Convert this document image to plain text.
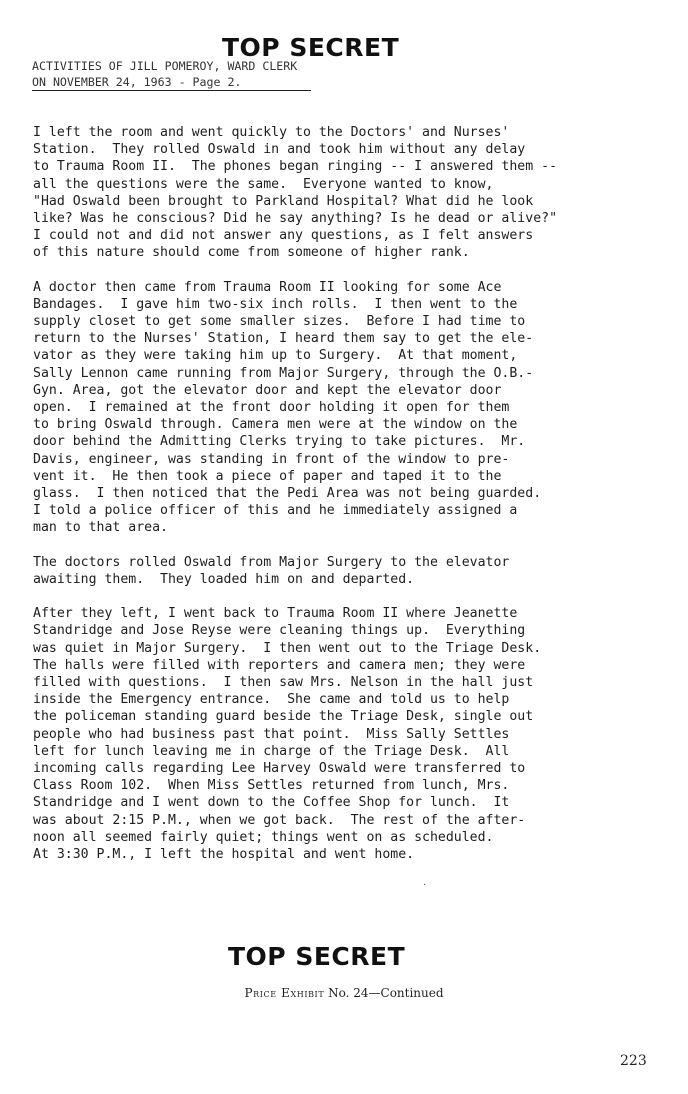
TOP SECRET
ACTIVITIES OF JILL POMEROY, WARD CLERK
ON NOVEMBER 24, 1963 - Page 2.
I left the room and went quickly to the Doctors' and Nurses'
Station.  They rolled Oswald in and took him without any delay
to Trauma Room II.  The phones began ringing -- I answered them --
all the questions were the same.  Everyone wanted to know,
"Had Oswald been brought to Parkland Hospital? What did he look
like? Was he conscious? Did he say anything? Is he dead or alive?"
I could not and did not answer any questions, as I felt answers
of this nature should come from someone of higher rank.
A doctor then came from Trauma Room II looking for some Ace
Bandages.  I gave him two-six inch rolls.  I then went to the
supply closet to get some smaller sizes.  Before I had time to
return to the Nurses' Station, I heard them say to get the ele-
vator as they were taking him up to Surgery.  At that moment,
Sally Lennon came running from Major Surgery, through the O.B.-
Gyn. Area, got the elevator door and kept the elevator door
open.  I remained at the front door holding it open for them
to bring Oswald through. Camera men were at the window on the
door behind the Admitting Clerks trying to take pictures.  Mr.
Davis, engineer, was standing in front of the window to pre-
vent it.  He then took a piece of paper and taped it to the
glass.  I then noticed that the Pedi Area was not being guarded.
I told a police officer of this and he immediately assigned a
man to that area.
The doctors rolled Oswald from Major Surgery to the elevator
awaiting them.  They loaded him on and departed.
After they left, I went back to Trauma Room II where Jeanette
Standridge and Jose Reyse were cleaning things up.  Everything
was quiet in Major Surgery.  I then went out to the Triage Desk.
The halls were filled with reporters and camera men; they were
filled with questions.  I then saw Mrs. Nelson in the hall just
inside the Emergency entrance.  She came and told us to help
the policeman standing guard beside the Triage Desk, single out
people who had business past that point.  Miss Sally Settles
left for lunch leaving me in charge of the Triage Desk.  All
incoming calls regarding Lee Harvey Oswald were transferred to
Class Room 102.  When Miss Settles returned from lunch, Mrs.
Standridge and I went down to the Coffee Shop for lunch.  It
was about 2:15 P.M., when we got back.  The rest of the after-
noon all seemed fairly quiet; things went on as scheduled.
At 3:30 P.M., I left the hospital and went home.
·
TOP SECRET
Price Exhibit No. 24—Continued
223
